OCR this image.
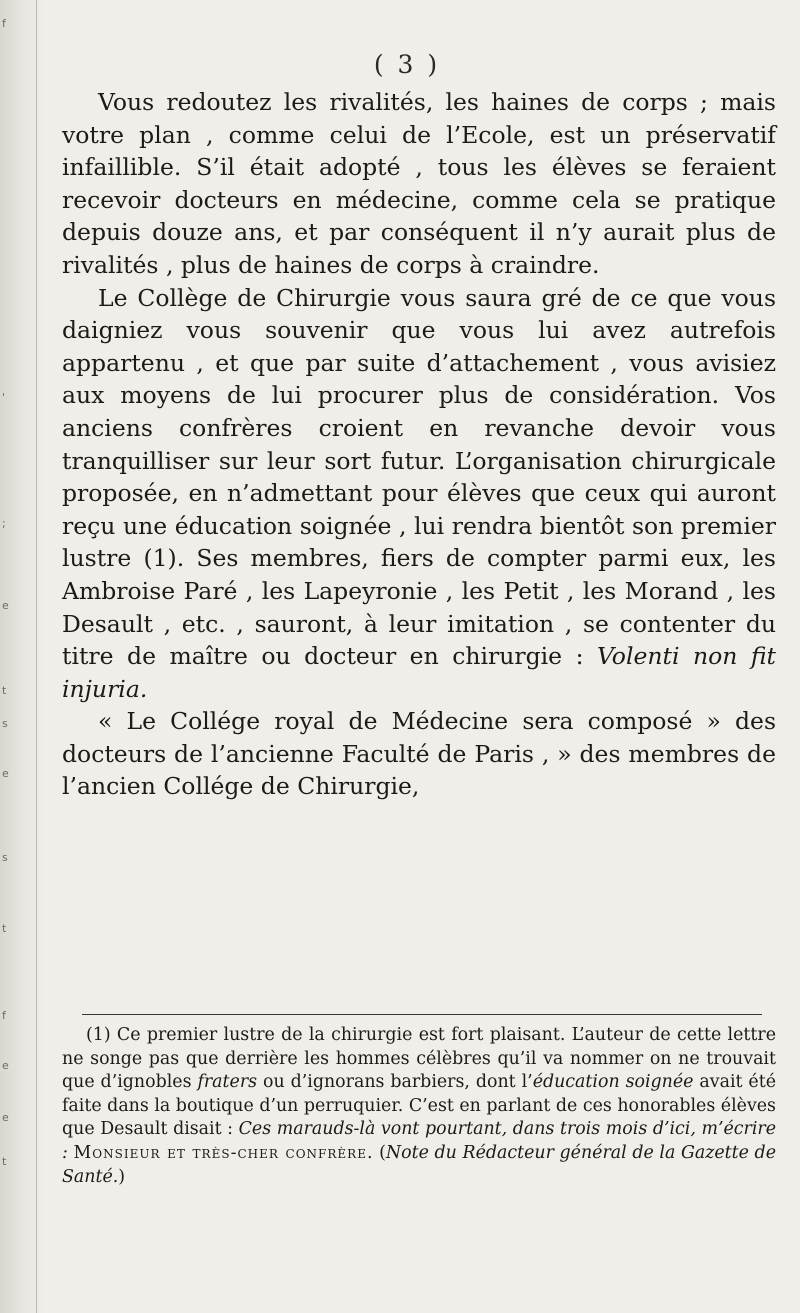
f
'
;
e
t
s
e
s
t
f
e
e
t
( 3 )

Vous redoutez les rivalités, les haines de corps ; mais votre plan , comme celui de l’Ecole, est un préservatif infaillible. S’il était adopté , tous les élèves se feraient recevoir docteurs en médecine, comme cela se pratique depuis douze ans, et par conséquent il n’y aurait plus de rivalités , plus de haines de corps à craindre.

Le Collège de Chirurgie vous saura gré de ce que vous daigniez vous souvenir que vous lui avez autrefois appartenu , et que par suite d’attachement , vous avisiez aux moyens de lui procurer plus de considération. Vos anciens confrères croient en revanche devoir vous tranquilliser sur leur sort futur. L’organisation chirurgicale proposée, en n’admettant pour élèves que ceux qui auront reçu une éducation soignée , lui rendra bientôt son premier lustre (1). Ses membres, fiers de compter parmi eux, les Ambroise Paré , les Lapeyronie , les Petit , les Morand , les Desault , etc. , sauront, à leur imitation , se contenter du titre de maître ou docteur en chirurgie : Volenti non fit injuria.

« Le Collége royal de Médecine sera composé » des docteurs de l’ancienne Faculté de Paris , » des membres de l’ancien Collége de Chirurgie,

(1) Ce premier lustre de la chirurgie est fort plaisant. L’auteur de cette lettre ne songe pas que derrière les hommes célèbres qu’il va nommer on ne trouvait que d’ignobles fraters ou d’ignorans barbiers, dont l’éducation soignée avait été faite dans la boutique d’un perruquier. C’est en parlant de ces honorables élèves que Desault disait : Ces marauds-là vont pourtant, dans trois mois d’ici, m’écrire : Monsieur et très-cher confrère. (Note du Rédacteur général de la Gazette de Santé.)
